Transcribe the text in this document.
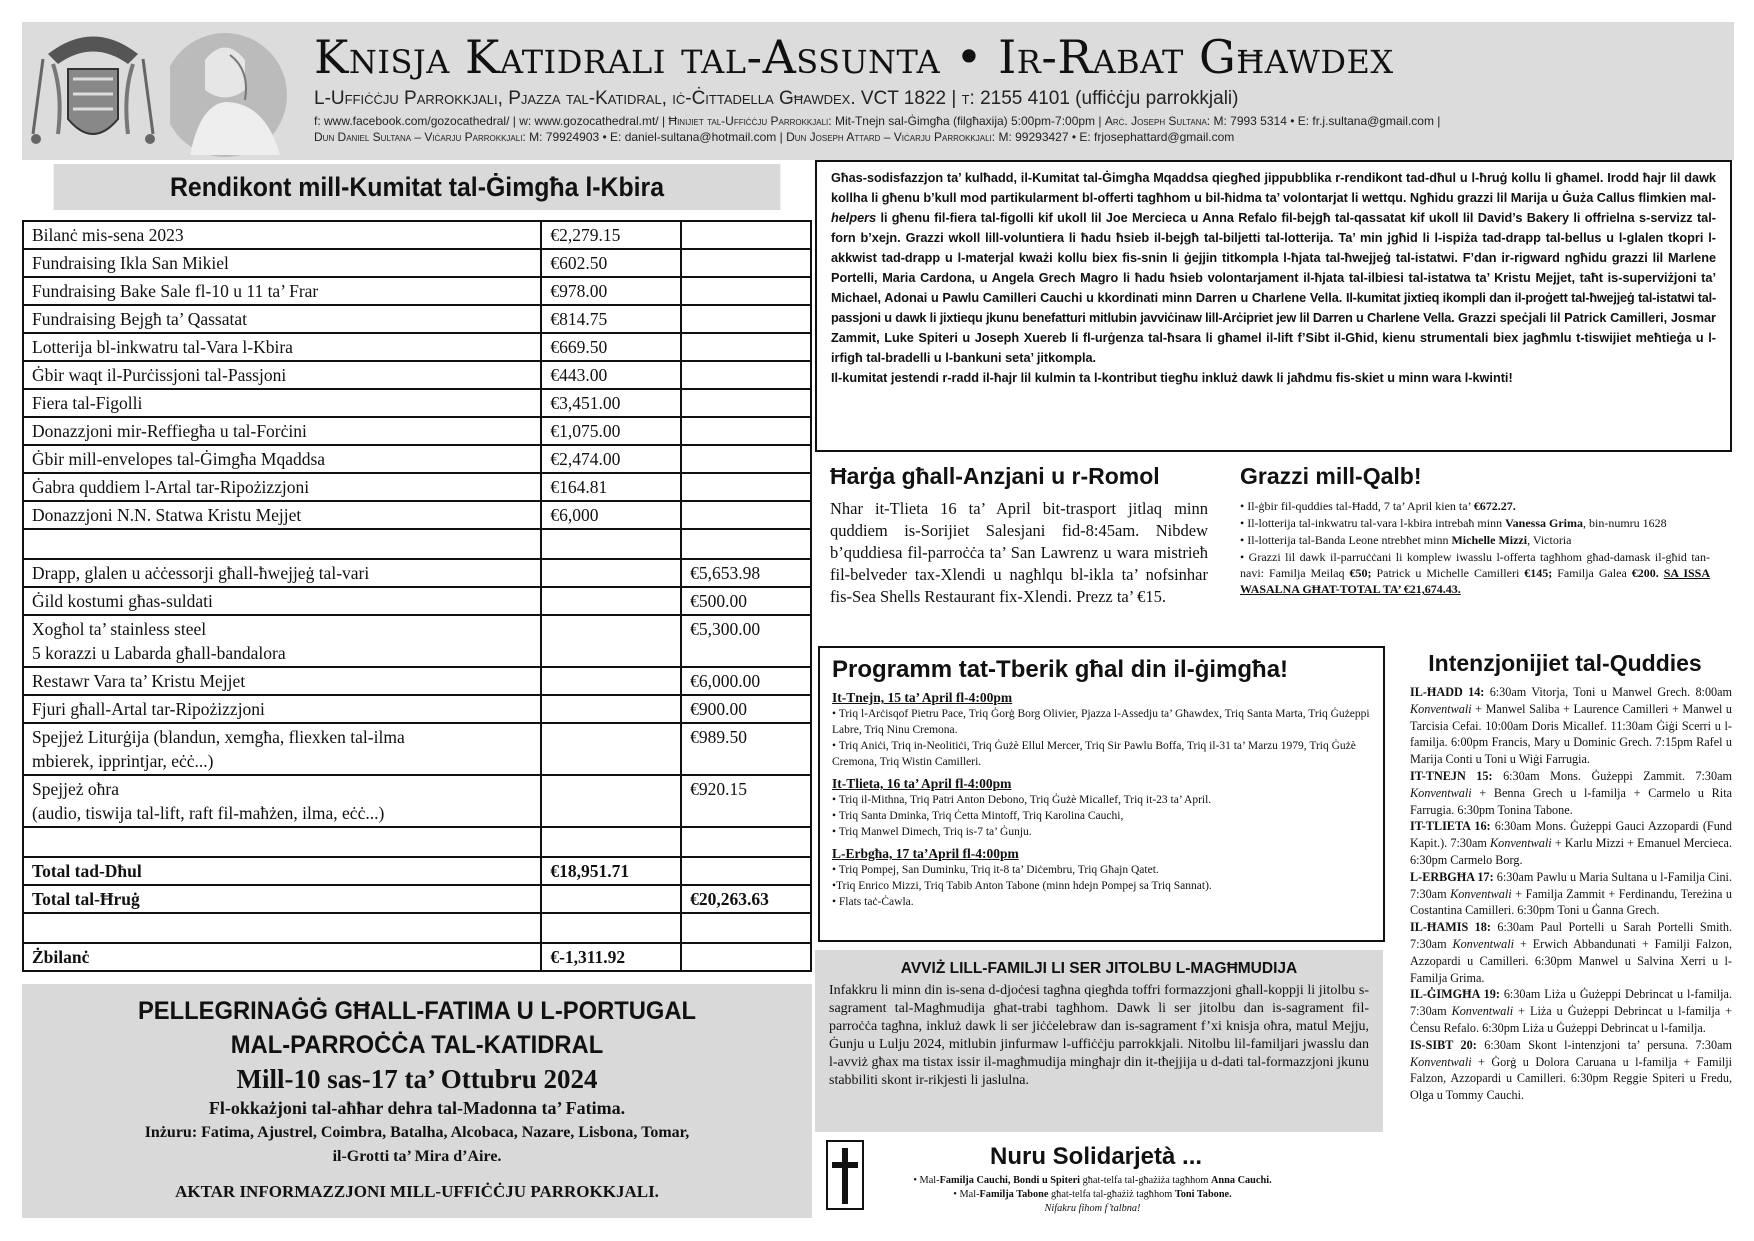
Knisja Katidrali tal-Assunta • Ir-Rabat Għawdex
L-Uffiċċju Parrokkjali, Pjazza tal-Katidral, iċ-Ċittadella Għawdex. VCT 1822 | t: 2155 4101 (uffiċċju parrokkjali)
f: www.facebook.com/gozocathedral/ | w: www.gozocathedral.mt/ | Ħinijiet tal-Uffiċċju Parrokkjali: Mit-Tnejn sal-Ġimgħa (filgħaxija) 5:00pm-7:00pm | Arċ. Joseph Sultana: M: 7993 5314 • E: fr.j.sultana@gmail.com |
Dun Daniel Sultana – Viċarju Parrokkjali: M: 79924903 • E: daniel-sultana@hotmail.com | Dun Joseph Attard – Viċarju Parrokkjali: M: 99293427 • E: frjosephattard@gmail.com
Rendikont mill-Kumitat tal-Ġimgħa l-Kbira
Bilanċ mis-sena 2023	€2,279.15	
Fundraising Ikla San Mikiel	€602.50	
Fundraising Bake Sale fl-10 u 11 ta’ Frar	€978.00	
Fundraising Bejgħ ta’ Qassatat	€814.75	
Lotterija bl-inkwatru tal-Vara l-Kbira	€669.50	
Ġbir waqt il-Purċissjoni tal-Passjoni	€443.00	
Fiera tal-Figolli	€3,451.00	
Donazzjoni mir-Reffiegħa u tal-Forċini	€1,075.00	
Ġbir mill-envelopes tal-Ġimgħa Mqaddsa	€2,474.00	
Ġabra quddiem l-Artal tar-Ripożizzjoni	€164.81	
Donazzjoni N.N. Statwa Kristu Mejjet	€6,000	

Drapp, glalen u aċċessorji għall-ħwejjeġ tal-vari		€5,653.98
Ġild kostumi għas-suldati		€500.00
Xogħol ta’ stainless steel
5 korazzi u Labarda għall-bandalora		€5,300.00
Restawr Vara ta’ Kristu Mejjet		€6,000.00
Fjuri għall-Artal tar-Ripożizzjoni		€900.00
Spejjeż Liturġija (blandun, xemgħa, fliexken tal-ilma
mbierek, ipprintjar, eċċ...)		€989.50
Spejjeż oħra
(audio, tiswija tal-lift, raft fil-maħżen, ilma, eċċ...)		€920.15

Total tad-Dħul	€18,951.71	
Total tal-Ħruġ		€20,263.63

Żbilanċ	€-1,311.92	
PELLEGRINAĠĠ GĦALL-FATIMA U L-PORTUGAL
MAL-PARROĊĊA TAL-KATIDRAL
Mill-10 sas-17 ta’ Ottubru 2024
Fl-okkażjoni tal-aħħar dehra tal-Madonna ta’ Fatima.
Inżuru: Fatima, Ajustrel, Coimbra, Batalha, Alcobaca, Nazare, Lisbona, Tomar,
il-Grotti ta’ Mira d’Aire.
AKTAR INFORMAZZJONI MILL-UFFIĊĊJU PARROKKJALI.
Għas-sodisfazzjon ta’ kulħadd, il-Kumitat tal-Ġimgħa Mqaddsa qiegħed jippubblika r-rendikont tad-dħul u l-ħruġ kollu li għamel. Irodd ħajr lil dawk kollha li għenu b’kull mod partikularment bl-offerti tagħhom u bil-ħidma ta’ volontarjat li wettqu. Ngħidu grazzi lil Marija u Ġuża Callus flimkien mal-helpers li għenu fil-fiera tal-figolli kif ukoll lil Joe Mercieca u Anna Refalo fil-bejgħ tal-qassatat kif ukoll lil David’s Bakery li offrielna s-servizz tal-forn b’xejn. Grazzi wkoll lill-voluntiera li ħadu ħsieb il-bejgħ tal-biljetti tal-lotterija. Ta’ min jgħid li l-ispiża tad-drapp tal-bellus u l-glalen tkopri l-akkwist tad-drapp u l-materjal kważi kollu biex fis-snin li ġejjin titkompla l-ħjata tal-ħwejjeġ tal-istatwi. F’dan ir-rigward ngħidu grazzi lil Marlene Portelli, Maria Cardona, u Angela Grech Magro li ħadu ħsieb volontarjament il-ħjata tal-ilbiesi tal-istatwa ta’ Kristu Mejjet, taħt is-superviżjoni ta’ Michael, Adonai u Pawlu Camilleri Cauchi u kkordinati minn Darren u Charlene Vella. Il-kumitat jixtieq ikompli dan il-proġett tal-ħwejjeġ tal-istatwi tal-passjoni u dawk li jixtiequ jkunu benefatturi mitlubin javviċinaw lill-Arċipriet jew lil Darren u Charlene Vella. Grazzi speċjali lil Patrick Camilleri, Josmar Zammit, Luke Spiteri u Joseph Xuereb li fl-urġenza tal-ħsara li għamel il-lift f’Sibt il-Għid, kienu strumentali biex jagħmlu t-tiswijiet meħtieġa u l-irfigħ tal-bradelli u l-bankuni seta’ jitkompla.
Il-kumitat jestendi r-radd il-ħajr lil kulmin ta l-kontribut tiegħu inkluż dawk li jaħdmu fis-skiet u minn wara l-kwinti!
Ħarġa għall-Anzjani u r-Romol
Nhar it-Tlieta 16 ta’ April bit-trasport jitlaq minn quddiem is-Sorijiet Salesjani fid-8:45am. Nibdew b’quddiesa fil-parroċċa ta’ San Lawrenz u wara mistrieħ fil-belveder tax-Xlendi u nagħlqu bl-ikla ta’ nofsinhar fis-Sea Shells Restaurant fix-Xlendi. Prezz ta’ €15.
Grazzi mill-Qalb!
• Il-ġbir fil-quddies tal-Ħadd, 7 ta’ April kien ta’ €672.27.
• Il-lotterija tal-inkwatru tal-vara l-kbira intrebaħ minn Vanessa Grima, bin-numru 1628
• Il-lotterija tal-Banda Leone ntrebħet minn Michelle Mizzi, Victoria
• Grazzi lil dawk il-parruċċani li komplew iwasslu l-offerta tagħhom għad-damask il-għid tan-navi: Familja Meilaq €50; Patrick u Michelle Camilleri €145; Familja Galea €200. SA ISSA WASALNA GĦAT-TOTAL TA’ €21,674.43.
Programm tat-Tberik għal din il-ġimgħa!
It-Tnejn, 15 ta’ April fl-4:00pm
• Triq l-Arċisqof Pietru Pace, Triq Ġorġ Borg Olivier, Pjazza l-Assedju ta’ Għawdex, Triq Santa Marta, Triq Ġużeppi Labre, Triq Ninu Cremona.
• Triq Aniċi, Triq in-Neolitiċi, Triq Ġużè Ellul Mercer, Triq Sir Pawlu Boffa, Triq il-31 ta’ Marzu 1979, Triq Ġużè Cremona, Triq Wistin Camilleri.
It-Tlieta, 16 ta’ April fl-4:00pm
• Triq il-Mithna, Triq Patri Anton Debono, Triq Ġużè Micallef, Triq it-23 ta’ April.
• Triq Santa Dminka, Triq Ċetta Mintoff, Triq Karolina Cauchi,
• Triq Manwel Dimech, Triq is-7 ta’ Ġunju.
L-Erbgħa, 17 ta’April fl-4:00pm
• Triq Pompej, San Duminku, Triq it-8 ta’ Diċembru, Triq Għajn Qatet.
•Triq Enrico Mizzi, Triq Tabib Anton Tabone (minn hdejn Pompej sa Triq Sannat).
• Flats taċ-Ċawla.
Intenzjonijiet tal-Quddies
IL-ĦADD 14: 6:30am Vitorja, Toni u Manwel Grech. 8:00am Konventwali + Manwel Saliba + Laurence Camilleri + Manwel u Tarcisia Cefai. 10:00am Doris Micallef. 11:30am Ġiġi Scerri u l-familja. 6:00pm Francis, Mary u Dominic Grech. 7:15pm Rafel u Marija Conti u Toni u Wiġi Farrugia.
IT-TNEJN 15: 6:30am Mons. Ġużeppi Zammit. 7:30am Konventwali + Benna Grech u l-familja + Carmelo u Rita Farrugia. 6:30pm Tonina Tabone.
IT-TLIETA 16: 6:30am Mons. Ġużeppi Gauci Azzopardi (Fund Kapit.). 7:30am Konventwali + Karlu Mizzi + Emanuel Mercieca. 6:30pm Carmelo Borg.
L-ERBGĦA 17: 6:30am Pawlu u Maria Sultana u l-Familja Cini. 7:30am Konventwali + Familja Zammit + Ferdinandu, Tereżina u Costantina Camilleri. 6:30pm Toni u Ġanna Grech.
IL-ĦAMIS 18: 6:30am Paul Portelli u Sarah Portelli Smith. 7:30am Konventwali + Erwich Abbandunati + Familji Falzon, Azzopardi u Camilleri. 6:30pm Manwel u Salvina Xerri u l-Familja Grima.
IL-ĠIMGĦA 19: 6:30am Liża u Ġużeppi Debrincat u l-familja. 7:30am Konventwali + Liża u Ġużeppi Debrincat u l-familja + Ċensu Refalo. 6:30pm Liża u Ġużeppi Debrincat u l-familja.
IS-SIBT 20: 6:30am Skont l-intenzjoni ta’ persuna. 7:30am Konventwali + Ġorġ u Dolora Caruana u l-familja + Familji Falzon, Azzopardi u Camilleri. 6:30pm Reggie Spiteri u Fredu, Olga u Tommy Cauchi.
AVVIŻ LILL-FAMILJI LI SER JITOLBU L-MAGĦMUDIJA
Infakkru li minn din is-sena d-djoċesi tagħna qiegħda toffri formazzjoni għall-koppji li jitolbu s-sagrament tal-Magħmudija għat-trabi tagħhom. Dawk li ser jitolbu dan is-sagrament fil-parroċċa tagħna, inkluż dawk li ser jiċċelebraw dan is-sagrament f’xi knisja oħra, matul Mejju, Ġunju u Lulju 2024, mitlubin jinfurmaw l-uffiċċju parrokkjali. Nitolbu lil-familjari jwasslu dan l-avviż għax ma tistax issir il-magħmudija mingħajr din it-tħejjija u d-dati tal-formazzjoni jkunu stabbiliti skont ir-rikjesti li jaslulna.
Nuru Solidarjetà ...
• Mal-Familja Cauchi, Bondi u Spiteri għat-telfa tal-għażiża tagħhom Anna Cauchi.
• Mal-Familja Tabone għat-telfa tal-għażiż tagħhom Toni Tabone.
Nifakru fihom f’talbna!
